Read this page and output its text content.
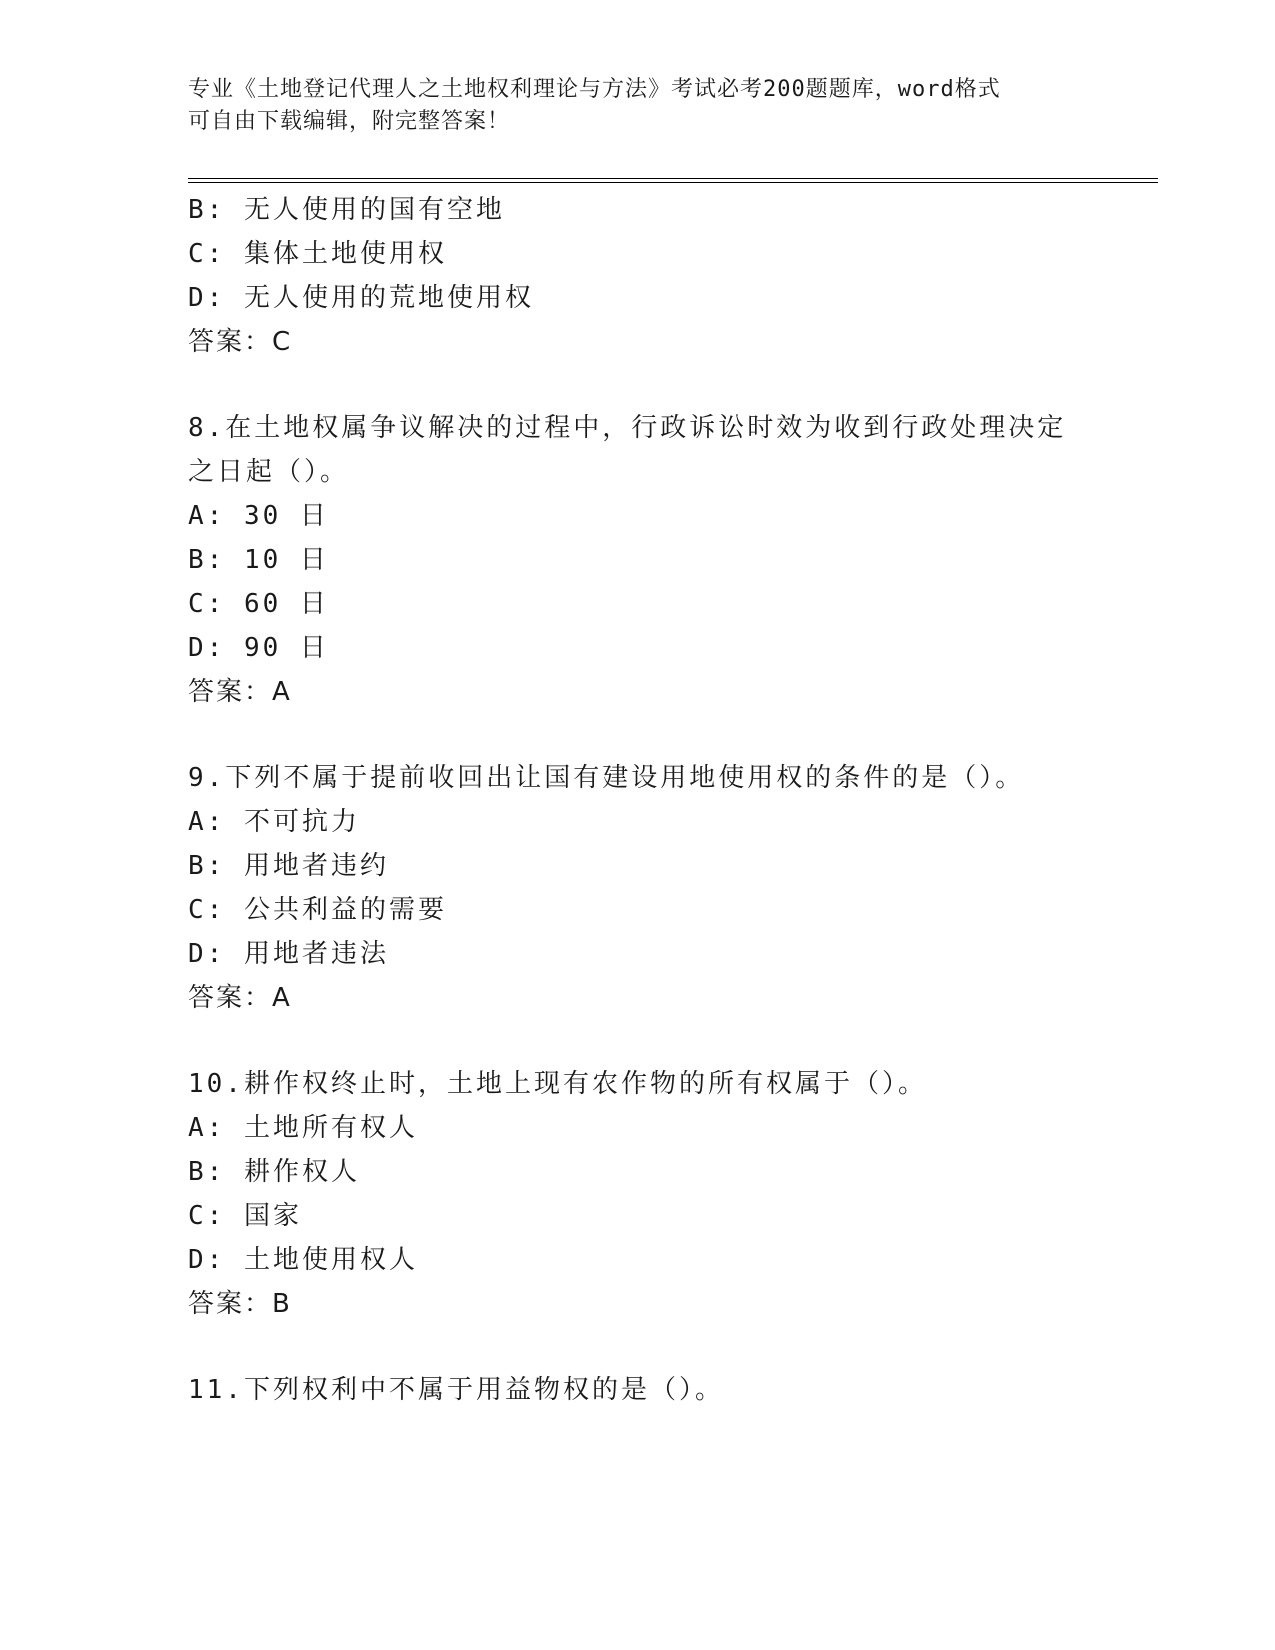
专业《土地登记代理人之土地权利理论与方法》考试必考200题题库，word格式
可自由下载编辑，附完整答案！
B: 无人使用的国有空地
C: 集体土地使用权
D: 无人使用的荒地使用权
答案：C
8.在土地权属争议解决的过程中，行政诉讼时效为收到行政处理决定
之日起（）。
A: 30 日
B: 10 日
C: 60 日
D: 90 日
答案：A
9.下列不属于提前收回出让国有建设用地使用权的条件的是（）。
A: 不可抗力
B: 用地者违约
C: 公共利益的需要
D: 用地者违法
答案：A
10.耕作权终止时，土地上现有农作物的所有权属于（）。
A: 土地所有权人
B: 耕作权人
C: 国家
D: 土地使用权人
答案：B
11.下列权利中不属于用益物权的是（）。
